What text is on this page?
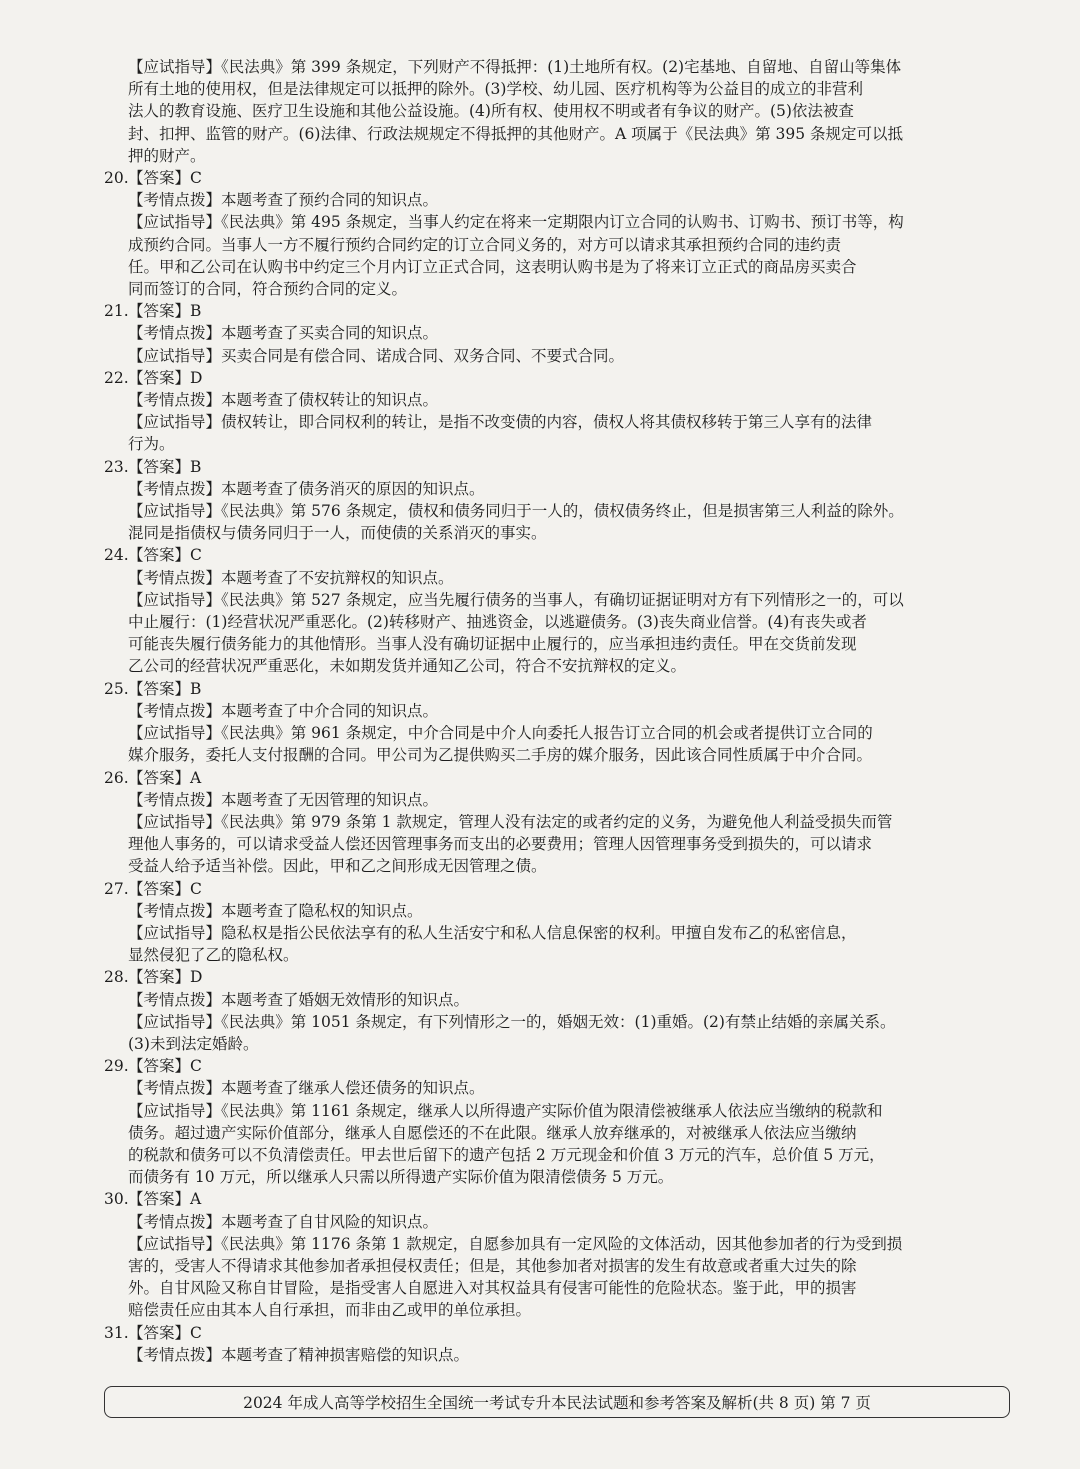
【应试指导】《民法典》第 399 条规定，下列财产不得抵押：(1)土地所有权。(2)宅基地、自留地、自留山等集体
所有土地的使用权，但是法律规定可以抵押的除外。(3)学校、幼儿园、医疗机构等为公益目的成立的非营利
法人的教育设施、医疗卫生设施和其他公益设施。(4)所有权、使用权不明或者有争议的财产。(5)依法被查
封、扣押、监管的财产。(6)法律、行政法规规定不得抵押的其他财产。A 项属于《民法典》第 395 条规定可以抵
押的财产。
20.【答案】C
【考情点拨】本题考查了预约合同的知识点。
【应试指导】《民法典》第 495 条规定，当事人约定在将来一定期限内订立合同的认购书、订购书、预订书等，构
成预约合同。当事人一方不履行预约合同约定的订立合同义务的，对方可以请求其承担预约合同的违约责
任。甲和乙公司在认购书中约定三个月内订立正式合同，这表明认购书是为了将来订立正式的商品房买卖合
同而签订的合同，符合预约合同的定义。
21.【答案】B
【考情点拨】本题考查了买卖合同的知识点。
【应试指导】买卖合同是有偿合同、诺成合同、双务合同、不要式合同。
22.【答案】D
【考情点拨】本题考查了债权转让的知识点。
【应试指导】债权转让，即合同权利的转让，是指不改变债的内容，债权人将其债权移转于第三人享有的法律
行为。
23.【答案】B
【考情点拨】本题考查了债务消灭的原因的知识点。
【应试指导】《民法典》第 576 条规定，债权和债务同归于一人的，债权债务终止，但是损害第三人利益的除外。
混同是指债权与债务同归于一人，而使债的关系消灭的事实。
24.【答案】C
【考情点拨】本题考查了不安抗辩权的知识点。
【应试指导】《民法典》第 527 条规定，应当先履行债务的当事人，有确切证据证明对方有下列情形之一的，可以
中止履行：(1)经营状况严重恶化。(2)转移财产、抽逃资金，以逃避债务。(3)丧失商业信誉。(4)有丧失或者
可能丧失履行债务能力的其他情形。当事人没有确切证据中止履行的，应当承担违约责任。甲在交货前发现
乙公司的经营状况严重恶化，未如期发货并通知乙公司，符合不安抗辩权的定义。
25.【答案】B
【考情点拨】本题考查了中介合同的知识点。
【应试指导】《民法典》第 961 条规定，中介合同是中介人向委托人报告订立合同的机会或者提供订立合同的
媒介服务，委托人支付报酬的合同。甲公司为乙提供购买二手房的媒介服务，因此该合同性质属于中介合同。
26.【答案】A
【考情点拨】本题考查了无因管理的知识点。
【应试指导】《民法典》第 979 条第 1 款规定，管理人没有法定的或者约定的义务，为避免他人利益受损失而管
理他人事务的，可以请求受益人偿还因管理事务而支出的必要费用；管理人因管理事务受到损失的，可以请求
受益人给予适当补偿。因此，甲和乙之间形成无因管理之债。
27.【答案】C
【考情点拨】本题考查了隐私权的知识点。
【应试指导】隐私权是指公民依法享有的私人生活安宁和私人信息保密的权利。甲擅自发布乙的私密信息，
显然侵犯了乙的隐私权。
28.【答案】D
【考情点拨】本题考查了婚姻无效情形的知识点。
【应试指导】《民法典》第 1051 条规定，有下列情形之一的，婚姻无效：(1)重婚。(2)有禁止结婚的亲属关系。
(3)未到法定婚龄。
29.【答案】C
【考情点拨】本题考查了继承人偿还债务的知识点。
【应试指导】《民法典》第 1161 条规定，继承人以所得遗产实际价值为限清偿被继承人依法应当缴纳的税款和
债务。超过遗产实际价值部分，继承人自愿偿还的不在此限。继承人放弃继承的，对被继承人依法应当缴纳
的税款和债务可以不负清偿责任。甲去世后留下的遗产包括 2 万元现金和价值 3 万元的汽车，总价值 5 万元，
而债务有 10 万元，所以继承人只需以所得遗产实际价值为限清偿债务 5 万元。
30.【答案】A
【考情点拨】本题考查了自甘风险的知识点。
【应试指导】《民法典》第 1176 条第 1 款规定，自愿参加具有一定风险的文体活动，因其他参加者的行为受到损
害的，受害人不得请求其他参加者承担侵权责任；但是，其他参加者对损害的发生有故意或者重大过失的除
外。自甘风险又称自甘冒险，是指受害人自愿进入对其权益具有侵害可能性的危险状态。鉴于此，甲的损害
赔偿责任应由其本人自行承担，而非由乙或甲的单位承担。
31.【答案】C
【考情点拨】本题考查了精神损害赔偿的知识点。
2024 年成人高等学校招生全国统一考试专升本民法试题和参考答案及解析(共 8 页) 第 7 页
